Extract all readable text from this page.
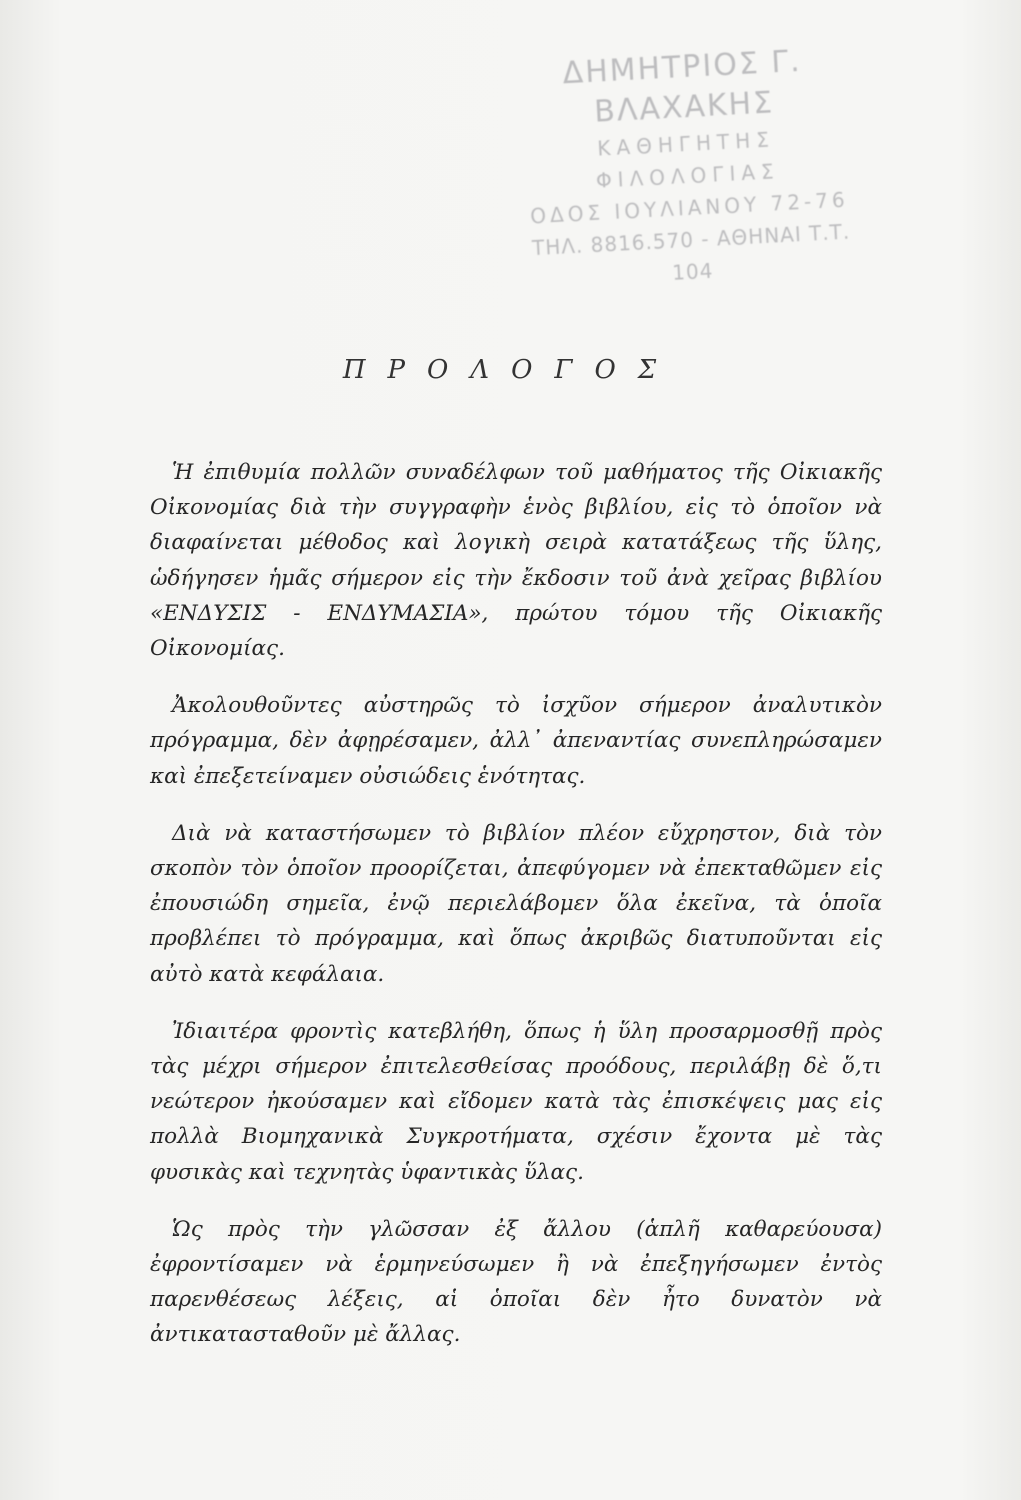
ΔΗΜΗΤΡΙΟΣ Γ. ΒΛΑΧΑΚΗΣ
ΚΑΘΗΓΗΤΗΣ ΦΙΛΟΛΟΓΙΑΣ
ΟΔΟΣ ΙΟΥΛΙΑΝΟΥ 72-76
ΤΗΛ. 8816.570 - ΑΘΗΝΑΙ Τ.Τ. 104
ΠΡΟΛΟΓΟΣ

Ἡ ἐπιθυμία πολλῶν συναδέλφων τοῦ μαθήματος τῆς Οἰκιακῆς Οἰκονομίας διὰ τὴν συγγραφὴν ἑνὸς βιβλίου, εἰς τὸ ὁποῖον νὰ διαφαίνεται μέθοδος καὶ λογικὴ σειρὰ κατατάξεως τῆς ὕλης, ὡδήγησεν ἡμᾶς σήμερον εἰς τὴν ἔκδοσιν τοῦ ἀνὰ χεῖρας βιβλίου «ΕΝΔΥΣΙΣ - ΕΝΔΥΜΑΣΙΑ», πρώτου τόμου τῆς Οἰκιακῆς Οἰκονομίας.

Ἀκολουθοῦντες αὐστηρῶς τὸ ἰσχῦον σήμερον ἀναλυτικὸν πρόγραμμα, δὲν ἀφῃρέσαμεν, ἀλλ᾽ ἀπεναντίας συνεπληρώσαμεν καὶ ἐπεξετείναμεν οὐσιώδεις ἑνότητας.

Διὰ νὰ καταστήσωμεν τὸ βιβλίον πλέον εὔχρηστον, διὰ τὸν σκοπὸν τὸν ὁποῖον προορίζεται, ἀπεφύγομεν νὰ ἐπεκταθῶμεν εἰς ἐπουσιώδη σημεῖα, ἐνῷ περιελάβομεν ὅλα ἐκεῖνα, τὰ ὁποῖα προβλέπει τὸ πρόγραμμα, καὶ ὅπως ἀκριβῶς διατυποῦνται εἰς αὐτὸ κατὰ κεφάλαια.

Ἰδιαιτέρα φροντὶς κατεβλήθη, ὅπως ἡ ὕλη προσαρμοσθῇ πρὸς τὰς μέχρι σήμερον ἐπιτελεσθείσας προόδους, περιλάβῃ δὲ ὅ,τι νεώτερον ἠκούσαμεν καὶ εἴδομεν κατὰ τὰς ἐπισκέψεις μας εἰς πολλὰ Βιομηχανικὰ Συγκροτήματα, σχέσιν ἔχοντα μὲ τὰς φυσικὰς καὶ τεχνητὰς ὑφαντικὰς ὕλας.

Ὡς πρὸς τὴν γλῶσσαν ἐξ ἄλλου (ἁπλῆ καθαρεύουσα) ἐφροντίσαμεν νὰ ἑρμηνεύσωμεν ἢ νὰ ἐπεξηγήσωμεν ἐντὸς παρενθέσεως λέξεις, αἱ ὁποῖαι δὲν ἦτο δυνατὸν νὰ ἀντικατασταθοῦν μὲ ἄλλας.
